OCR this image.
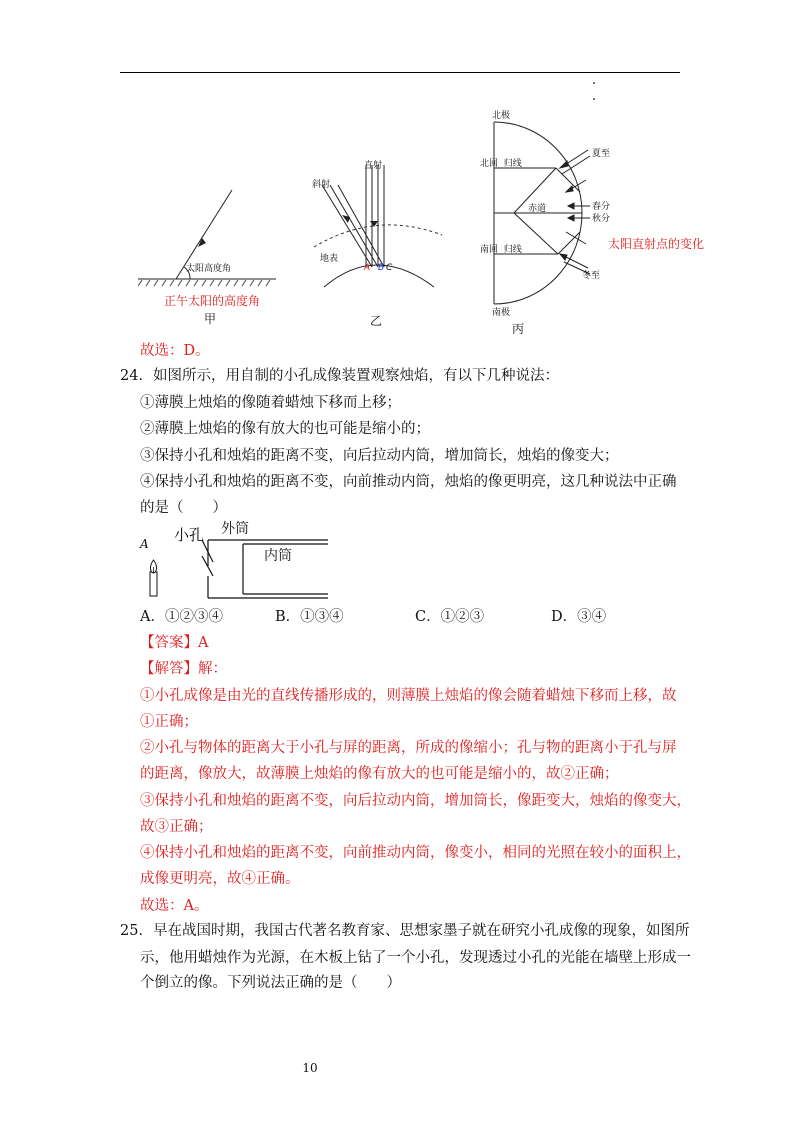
太阳高度角
正午太阳的高度角
甲
直射
斜射
地表
A B C
乙
北极
北回  归线
赤道
南回  归线
南极
夏至
春分
秋分
冬至
太阳直射点的变化
丙
故选：D。
24．如图所示，用自制的小孔成像装置观察烛焰，有以下几种说法：
①薄膜上烛焰的像随着蜡烛下移而上移；
②薄膜上烛焰的像有放大的也可能是缩小的；
③保持小孔和烛焰的距离不变，向后拉动内筒，增加筒长，烛焰的像变大；
④保持小孔和烛焰的距离不变，向前推动内筒，烛焰的像更明亮，这几种说法中正确
的是（　　）
A 小孔 外筒
内筒
A．①②③④	B．①③④	C．①②③	D．③④
【答案】A
【解答】解：
①小孔成像是由光的直线传播形成的，则薄膜上烛焰的像会随着蜡烛下移而上移，故
①正确；
②小孔与物体的距离大于小孔与屏的距离，所成的像缩小；孔与物的距离小于孔与屏
的距离，像放大，故薄膜上烛焰的像有放大的也可能是缩小的，故②正确；
③保持小孔和烛焰的距离不变，向后拉动内筒，增加筒长，像距变大，烛焰的像变大，
故③正确；
④保持小孔和烛焰的距离不变，向前推动内筒，像变小，相同的光照在较小的面积上，
成像更明亮，故④正确。
故选：A。
25．早在战国时期，我国古代著名教育家、思想家墨子就在研究小孔成像的现象，如图所
示，他用蜡烛作为光源，在木板上钻了一个小孔，发现透过小孔的光能在墙壁上形成一
个倒立的像。下列说法正确的是（　　）
10
